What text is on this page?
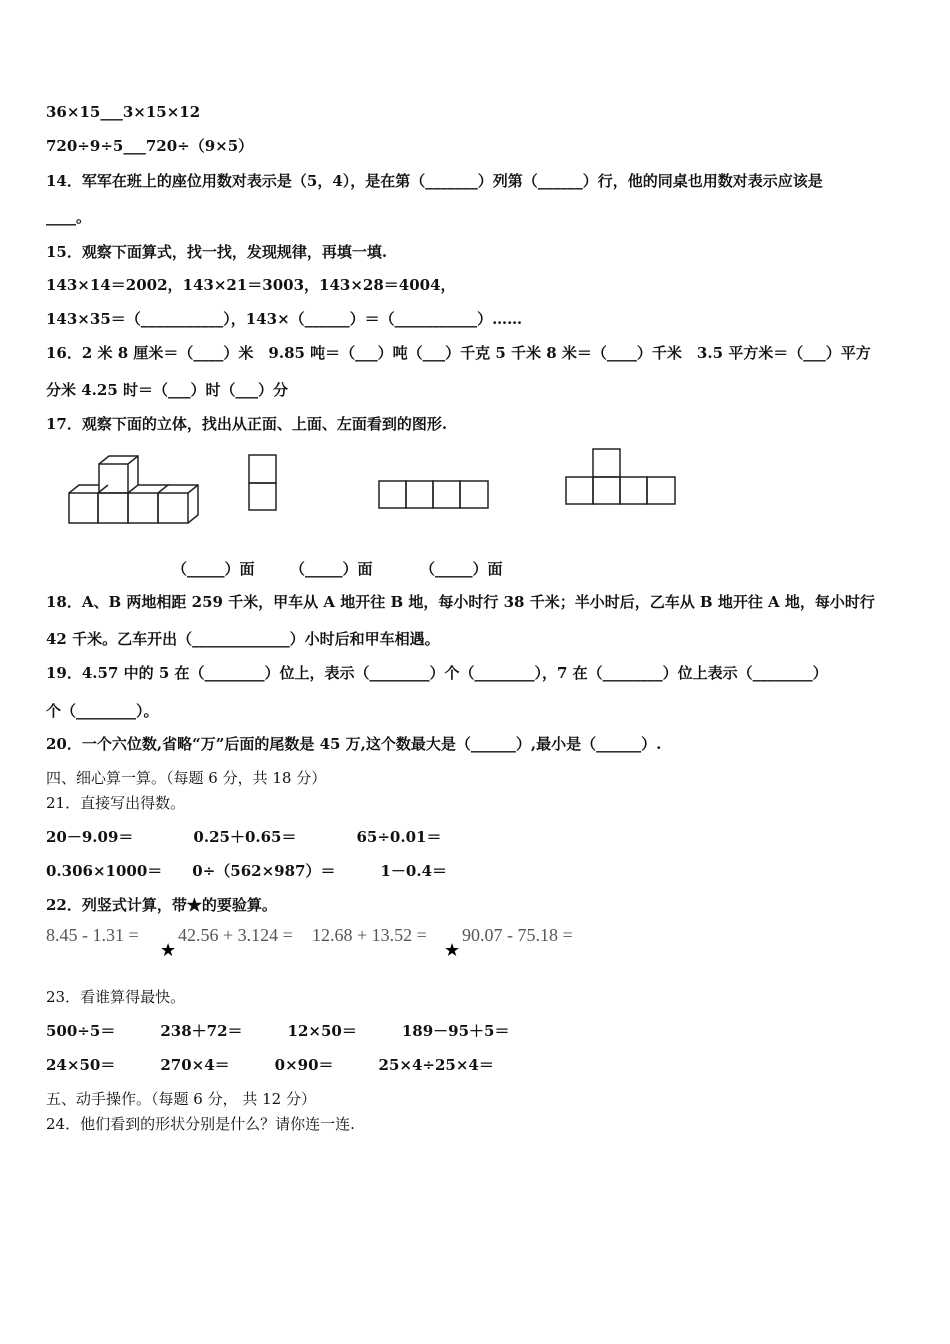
36×15___3×15×12
720÷9÷5___720÷（9×5）
14．军军在班上的座位用数对表示是（5，4），是在第（_______）列第（______）行，他的同桌也用数对表示应该是
____。
15．观察下面算式，找一找，发现规律，再填一填.
143×14＝2002，143×21＝3003，143×28＝4004，
143×35＝（___________），143×（______）＝（___________）……
16．2 米 8 厘米＝（____）米　9.85 吨＝（___）吨（___）千克 5 千米 8 米＝（____）千米　3.5 平方米＝（___）平方
分米 4.25 时＝（___）时（___）分
17．观察下面的立体，找出从正面、上面、左面看到的图形.
（_____）面 （_____）面	（_____）面
18．A、B 两地相距 259 千米，甲车从 A 地开往 B 地，每小时行 38 千米；半小时后，乙车从 B 地开往 A 地，每小时行
42 千米。乙车开出（_____________）小时后和甲车相遇。
19．4.57 中的 5 在（________）位上，表示（________）个（________），7 在（________）位上表示（________）
个（________）。
20．一个六位数,省略“万”后面的尾数是 45 万,这个数最大是（______）,最小是（______）.
四、细心算一算。（每题 6 分，共 18 分）
21．直接写出得数。
20－9.09＝　　　　0.25＋0.65＝　　　　65÷0.01＝
0.306×1000＝　　0÷（562×987）＝　　　1－0.4＝
22．列竖式计算，带★的要验算。
8.45 - 1.31 =
★
42.56 + 3.124 = 12.68 + 13.52 =
★
90.07 - 75.18 =
23．看谁算得最快。
500÷5＝　　　238＋72＝　　　12×50＝　　　189－95＋5＝
24×50＝　　　270×4＝　　　0×90＝　　　25×4÷25×4＝
五、动手操作。（每题 6 分， 共 12 分）
24．他们看到的形状分别是什么？请你连一连.
